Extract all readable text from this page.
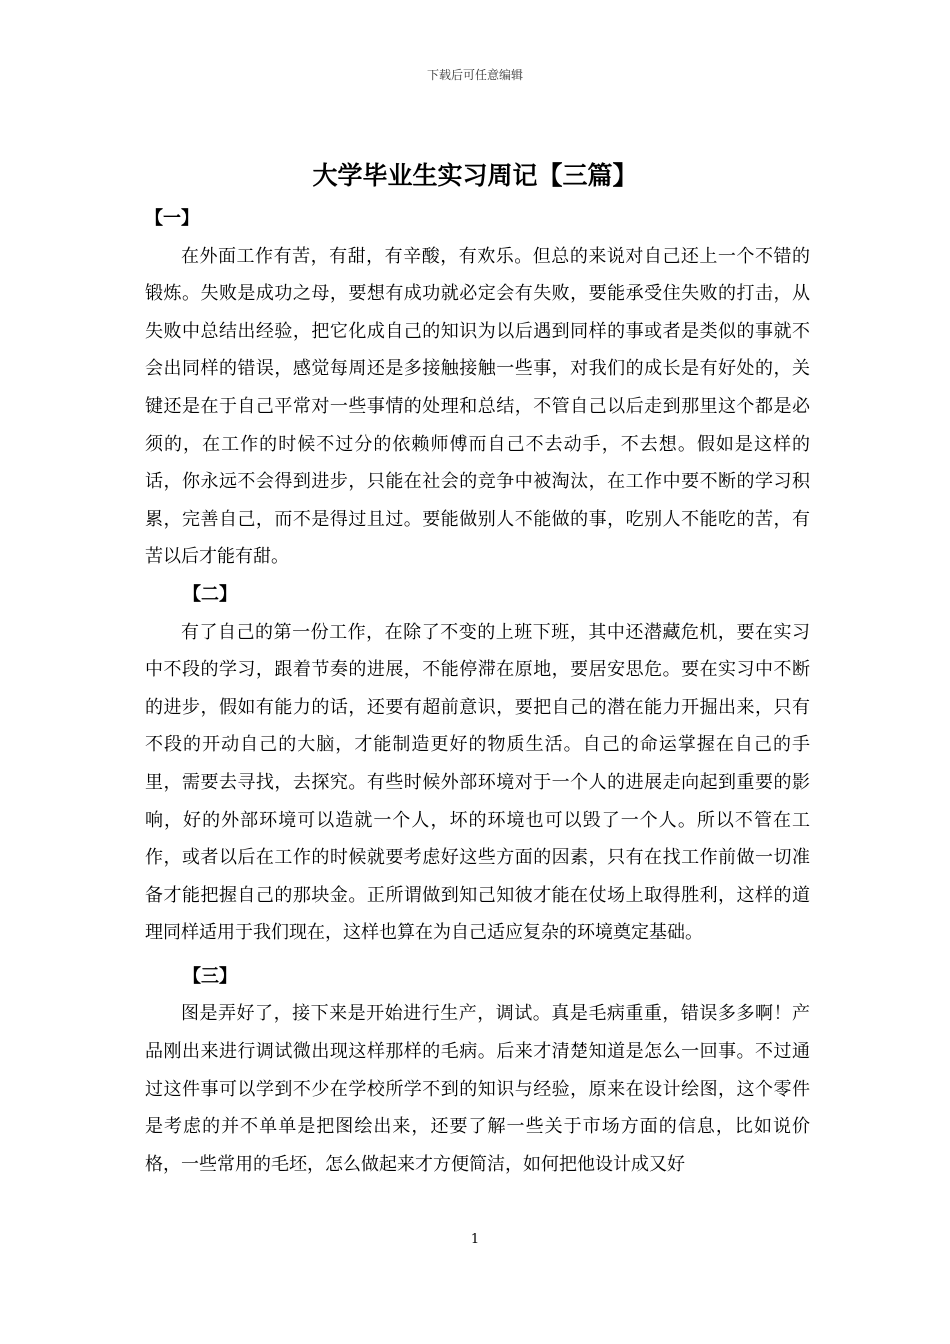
下载后可任意编辑
大学毕业生实习周记【三篇】
【一】

在外面工作有苦，有甜，有辛酸，有欢乐。但总的来说对自己还上一个不错的锻炼。失败是成功之母，要想有成功就必定会有失败，要能承受住失败的打击，从失败中总结出经验，把它化成自己的知识为以后遇到同样的事或者是类似的事就不会出同样的错误，感觉每周还是多接触接触一些事，对我们的成长是有好处的，关键还是在于自己平常对一些事情的处理和总结，不管自己以后走到那里这个都是必须的，在工作的时候不过分的依赖师傅而自己不去动手，不去想。假如是这样的话，你永远不会得到进步，只能在社会的竞争中被淘汰，在工作中要不断的学习积累，完善自己，而不是得过且过。要能做别人不能做的事，吃别人不能吃的苦，有苦以后才能有甜。

【二】

有了自己的第一份工作，在除了不变的上班下班，其中还潜藏危机，要在实习中不段的学习，跟着节奏的进展，不能停滞在原地，要居安思危。要在实习中不断的进步，假如有能力的话，还要有超前意识，要把自己的潜在能力开掘出来，只有不段的开动自己的大脑，才能制造更好的物质生活。自己的命运掌握在自己的手里，需要去寻找，去探究。有些时候外部环境对于一个人的进展走向起到重要的影响，好的外部环境可以造就一个人，坏的环境也可以毁了一个人。所以不管在工作，或者以后在工作的时候就要考虑好这些方面的因素，只有在找工作前做一切准备才能把握自己的那块金。正所谓做到知己知彼才能在仗场上取得胜利，这样的道理同样适用于我们现在，这样也算在为自己适应复杂的环境奠定基础。

【三】

图是弄好了，接下来是开始进行生产，调试。真是毛病重重，错误多多啊！产品刚出来进行调试微出现这样那样的毛病。后来才清楚知道是怎么一回事。不过通过这件事可以学到不少在学校所学不到的知识与经验，原来在设计绘图，这个零件是考虑的并不单单是把图绘出来，还要了解一些关于市场方面的信息，比如说价格，一些常用的毛坯，怎么做起来才方便简洁，如何把他设计成又好

1
